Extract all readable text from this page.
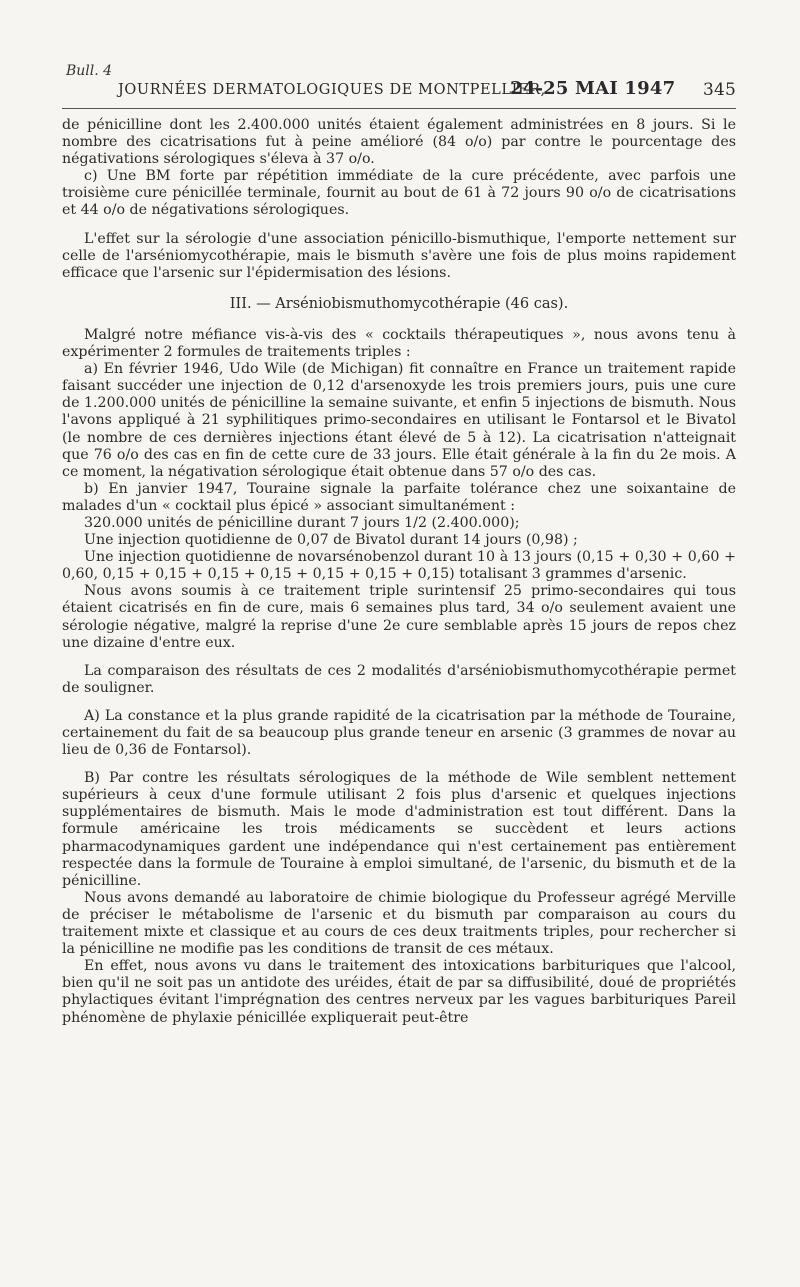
Bull. 4
JOURNÉES DERMATOLOGIQUES DE MONTPELLIER,
24-25 MAI 1947 345

de pénicilline dont les 2.400.000 unités étaient également administrées en 8 jours. Si le nombre des cicatrisations fut à peine amélioré (84 o/o) par contre le pourcentage des négativations sérologiques s'éleva à 37 o/o.

c) Une BM forte par répétition immédiate de la cure précédente, avec parfois une troisième cure pénicillée terminale, fournit au bout de 61 à 72 jours 90 o/o de cicatrisations et 44 o/o de négativations sérologiques.

L'effet sur la sérologie d'une association pénicillo-bismuthique, l'emporte nettement sur celle de l'arséniomycothérapie, mais le bismuth s'avère une fois de plus moins rapidement efficace que l'arsenic sur l'épidermisation des lésions.

III. — Arséniobismuthomycothérapie (46 cas).

Malgré notre méfiance vis-à-vis des « cocktails thérapeutiques », nous avons tenu à expérimenter 2 formules de traitements triples :

a) En février 1946, Udo Wile (de Michigan) fit connaître en France un traitement rapide faisant succéder une injection de 0,12 d'arsenoxyde les trois premiers jours, puis une cure de 1.200.000 unités de pénicilline la semaine suivante, et enfin 5 injections de bismuth. Nous l'avons appliqué à 21 syphilitiques primo-secondaires en utilisant le Fontarsol et le Bivatol (le nombre de ces dernières injections étant élevé de 5 à 12). La cicatrisation n'atteignait que 76 o/o des cas en fin de cette cure de 33 jours. Elle était générale à la fin du 2e mois. A ce moment, la négativation sérologique était obtenue dans 57 o/o des cas.

b) En janvier 1947, Touraine signale la parfaite tolérance chez une soixantaine de malades d'un « cocktail plus épicé » associant simultanément :

320.000 unités de pénicilline durant 7 jours 1/2 (2.400.000);

Une injection quotidienne de 0,07 de Bivatol durant 14 jours (0,98) ;

Une injection quotidienne de novarsénobenzol durant 10 à 13 jours (0,15 + 0,30 + 0,60 + 0,60, 0,15 + 0,15 + 0,15 + 0,15 + 0,15 + 0,15 + 0,15) totalisant 3 grammes d'arsenic.

Nous avons soumis à ce traitement triple surintensif 25 primo-secondaires qui tous étaient cicatrisés en fin de cure, mais 6 semaines plus tard, 34 o/o seulement avaient une sérologie négative, malgré la reprise d'une 2e cure semblable après 15 jours de repos chez une dizaine d'entre eux.

La comparaison des résultats de ces 2 modalités d'arséniobismuthomycothérapie permet de souligner.

A) La constance et la plus grande rapidité de la cicatrisation par la méthode de Touraine, certainement du fait de sa beaucoup plus grande teneur en arsenic (3 grammes de novar au lieu de 0,36 de Fontarsol).

B) Par contre les résultats sérologiques de la méthode de Wile semblent nettement supérieurs à ceux d'une formule utilisant 2 fois plus d'arsenic et quelques injections supplémentaires de bismuth. Mais le mode d'administration est tout différent. Dans la formule américaine les trois médicaments se succèdent et leurs actions pharmacodynamiques gardent une indépendance qui n'est certainement pas entièrement respectée dans la formule de Touraine à emploi simultané, de l'arsenic, du bismuth et de la pénicilline.

Nous avons demandé au laboratoire de chimie biologique du Professeur agrégé Merville de préciser le métabolisme de l'arsenic et du bismuth par comparaison au cours du traitement mixte et classique et au cours de ces deux traitments triples, pour rechercher si la pénicilline ne modifie pas les conditions de transit de ces métaux.

En effet, nous avons vu dans le traitement des intoxications barbituriques que l'alcool, bien qu'il ne soit pas un antidote des uréides, était de par sa diffusibilité, doué de propriétés phylactiques évitant l'imprégnation des centres nerveux par les vagues barbituriques Pareil phénomène de phylaxie pénicillée expliquerait peut-être
